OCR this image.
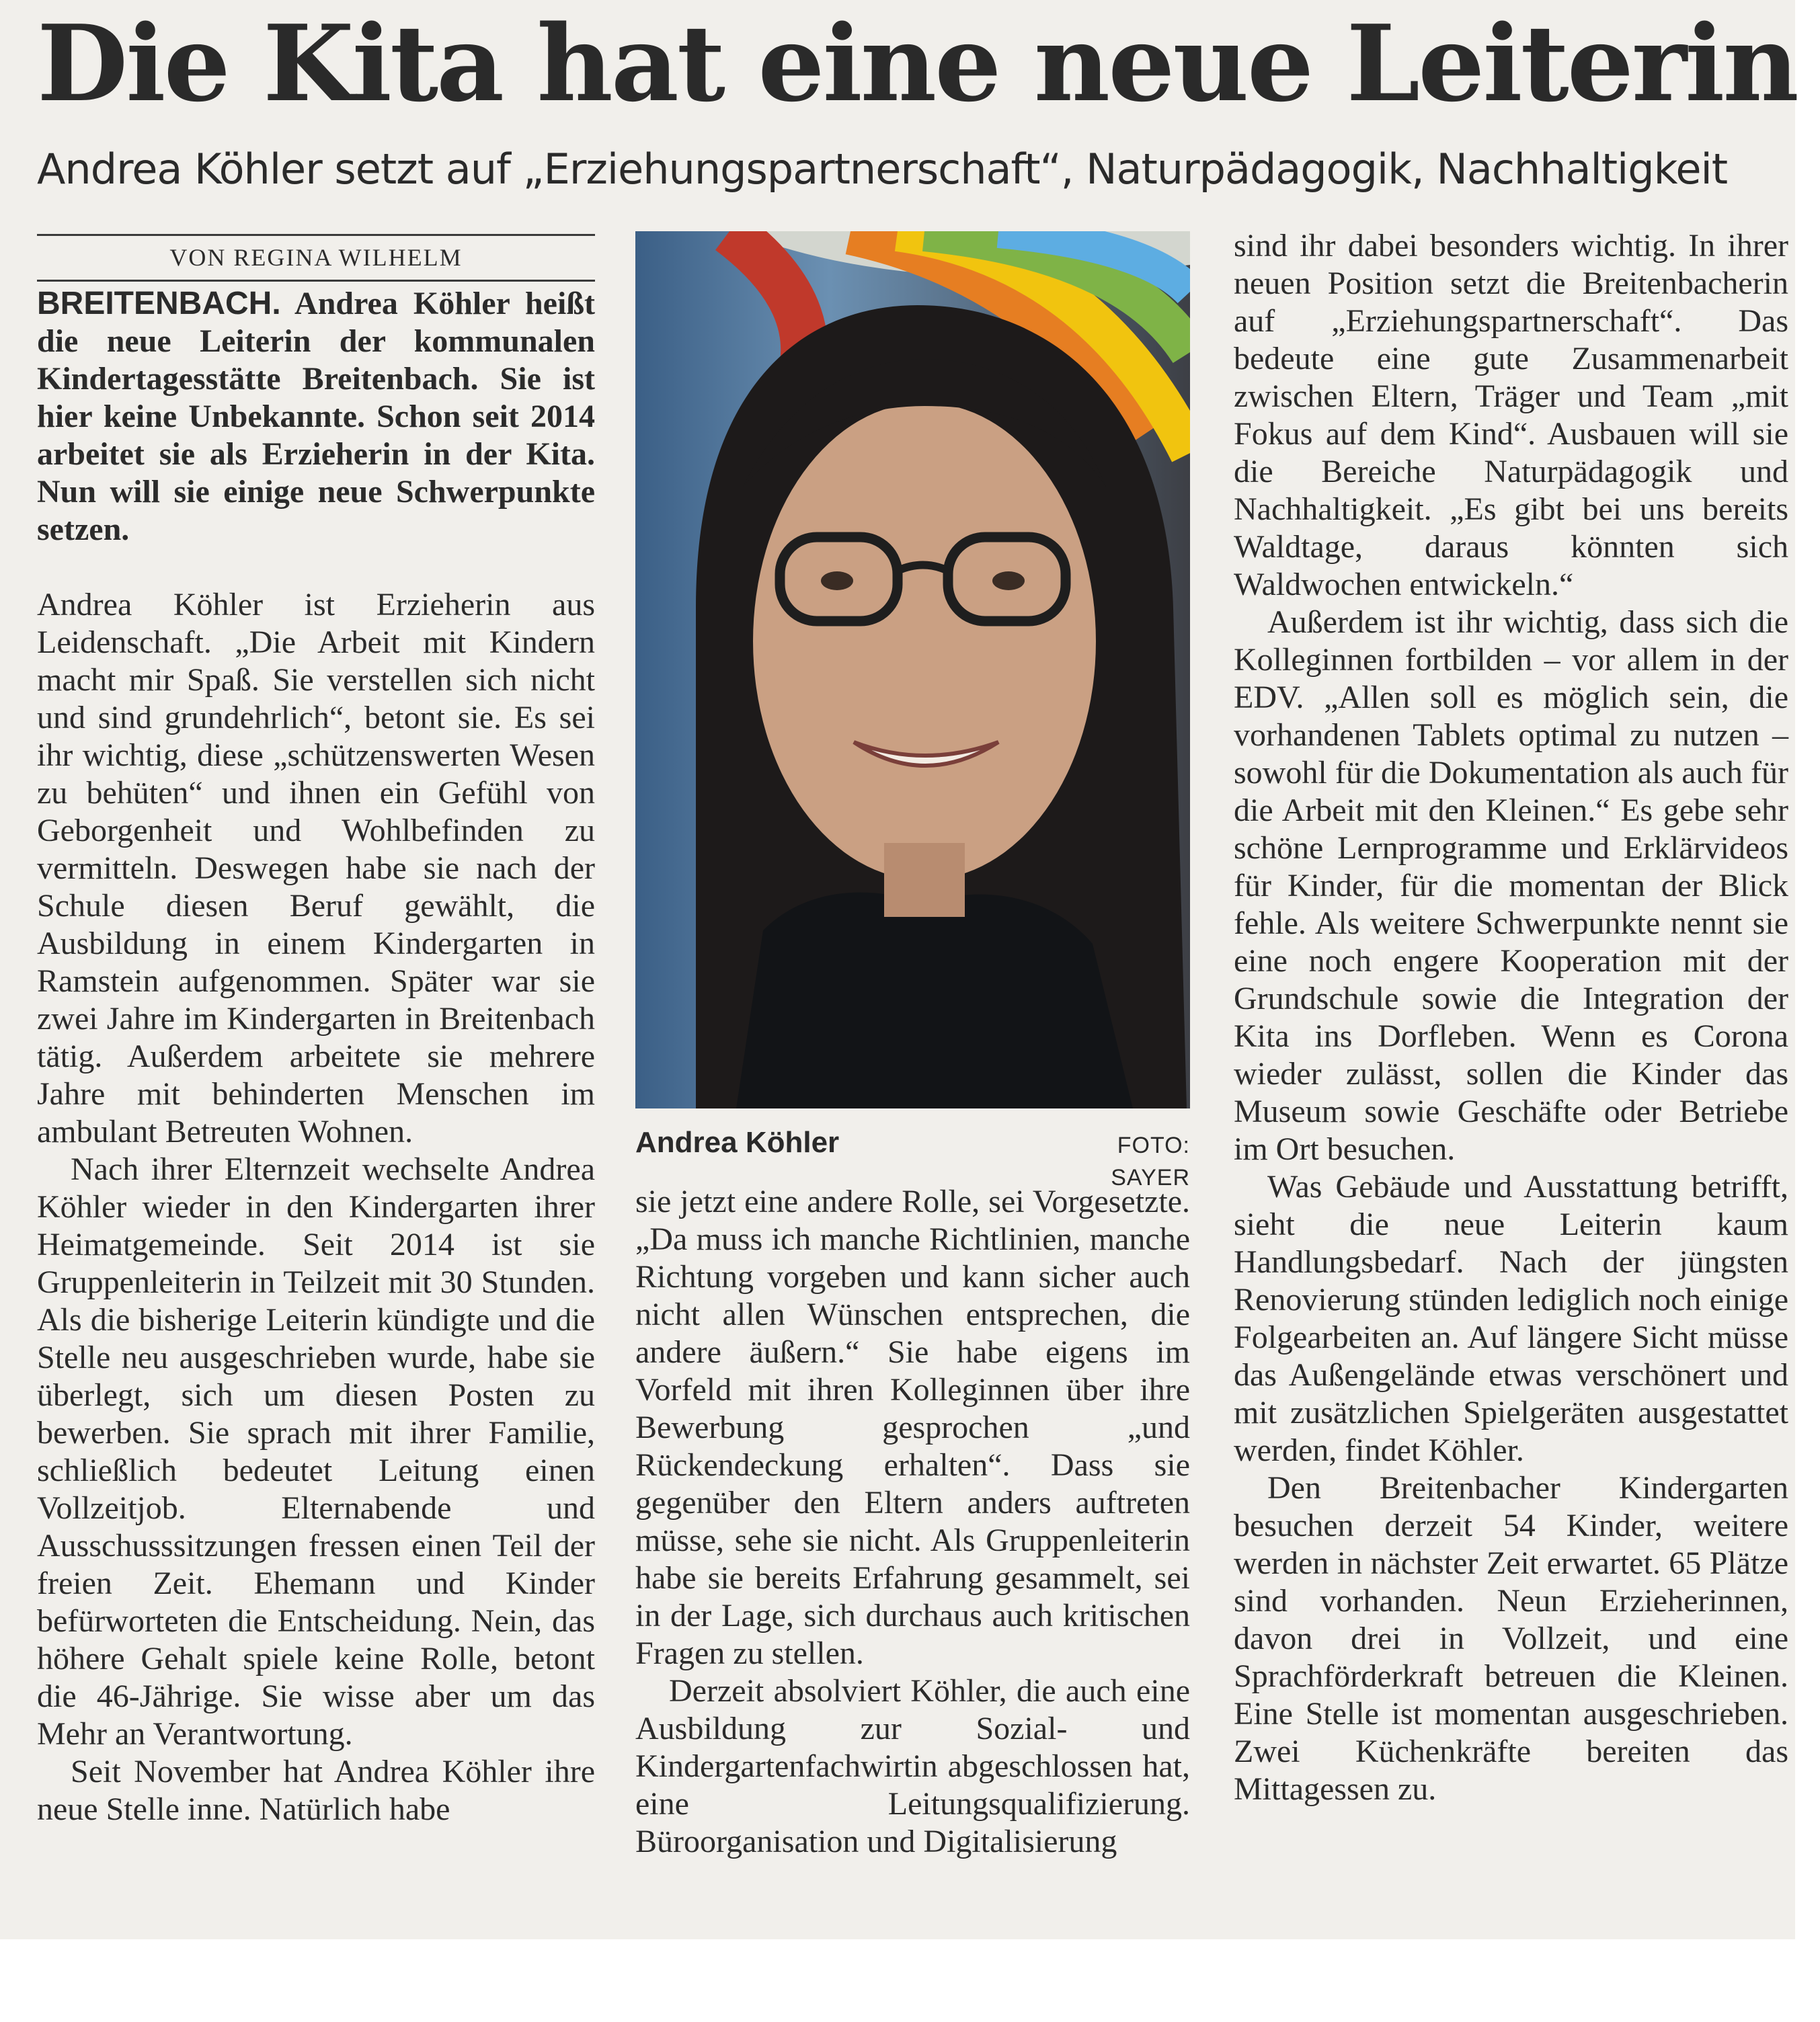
Die Kita hat eine neue Leiterin
Andrea Köhler setzt auf „Erziehungspartnerschaft“, Naturpädagogik, Nachhaltigkeit
VON REGINA WILHELM

BREITENBACH. Andrea Köhler heißt die neue Leiterin der kommunalen Kindertagesstätte Breitenbach. Sie ist hier keine Unbekannte. Schon seit 2014 arbeitet sie als Erzieherin in der Kita. Nun will sie einige neue Schwerpunkte setzen.

Andrea Köhler ist Erzieherin aus Leidenschaft. „Die Arbeit mit Kindern macht mir Spaß. Sie verstellen sich nicht und sind grundehrlich“, betont sie. Es sei ihr wichtig, diese „schützenswerten Wesen zu behüten“ und ihnen ein Gefühl von Geborgenheit und Wohlbefinden zu vermitteln. Deswegen habe sie nach der Schule diesen Beruf gewählt, die Ausbildung in einem Kindergarten in Ramstein aufgenommen. Später war sie zwei Jahre im Kindergarten in Breitenbach tätig. Außerdem arbeitete sie mehrere Jahre mit behinderten Menschen im ambulant Betreuten Wohnen.

Nach ihrer Elternzeit wechselte Andrea Köhler wieder in den Kindergarten ihrer Heimatgemeinde. Seit 2014 ist sie Gruppenleiterin in Teilzeit mit 30 Stunden. Als die bisherige Leiterin kündigte und die Stelle neu ausgeschrieben wurde, habe sie überlegt, sich um diesen Posten zu bewerben. Sie sprach mit ihrer Familie, schließlich bedeutet Leitung einen Vollzeitjob. Elternabende und Ausschusssitzungen fressen einen Teil der freien Zeit. Ehemann und Kinder befürworteten die Entscheidung. Nein, das höhere Gehalt spiele keine Rolle, betont die 46-Jährige. Sie wisse aber um das Mehr an Verantwortung.

Seit November hat Andrea Köhler ihre neue Stelle inne. Natürlich habe

Andrea Köhler	FOTO: SAYER

sie jetzt eine andere Rolle, sei Vorgesetzte. „Da muss ich manche Richtlinien, manche Richtung vorgeben und kann sicher auch nicht allen Wünschen entsprechen, die andere äußern.“ Sie habe eigens im Vorfeld mit ihren Kolleginnen über ihre Bewerbung gesprochen „und Rückendeckung erhalten“. Dass sie gegenüber den Eltern anders auftreten müsse, sehe sie nicht. Als Gruppenleiterin habe sie bereits Erfahrung gesammelt, sei in der Lage, sich durchaus auch kritischen Fragen zu stellen.

Derzeit absolviert Köhler, die auch eine Ausbildung zur Sozial- und Kindergartenfachwirtin abgeschlossen hat, eine Leitungsqualifizierung. Büroorganisation und Digitalisierung

sind ihr dabei besonders wichtig. In ihrer neuen Position setzt die Breitenbacherin auf „Erziehungspartnerschaft“. Das bedeute eine gute Zusammenarbeit zwischen Eltern, Träger und Team „mit Fokus auf dem Kind“. Ausbauen will sie die Bereiche Naturpädagogik und Nachhaltigkeit. „Es gibt bei uns bereits Waldtage, daraus könnten sich Waldwochen entwickeln.“

Außerdem ist ihr wichtig, dass sich die Kolleginnen fortbilden – vor allem in der EDV. „Allen soll es möglich sein, die vorhandenen Tablets optimal zu nutzen – sowohl für die Dokumentation als auch für die Arbeit mit den Kleinen.“ Es gebe sehr schöne Lernprogramme und Erklärvideos für Kinder, für die momentan der Blick fehle. Als weitere Schwerpunkte nennt sie eine noch engere Kooperation mit der Grundschule sowie die Integration der Kita ins Dorfleben. Wenn es Corona wieder zulässt, sollen die Kinder das Museum sowie Geschäfte oder Betriebe im Ort besuchen.

Was Gebäude und Ausstattung betrifft, sieht die neue Leiterin kaum Handlungsbedarf. Nach der jüngsten Renovierung stünden lediglich noch einige Folgearbeiten an. Auf längere Sicht müsse das Außengelände etwas verschönert und mit zusätzlichen Spielgeräten ausgestattet werden, findet Köhler.

Den Breitenbacher Kindergarten besuchen derzeit 54 Kinder, weitere werden in nächster Zeit erwartet. 65 Plätze sind vorhanden. Neun Erzieherinnen, davon drei in Vollzeit, und eine Sprachförderkraft betreuen die Kleinen. Eine Stelle ist momentan ausgeschrieben. Zwei Küchenkräfte bereiten das Mittagessen zu.
